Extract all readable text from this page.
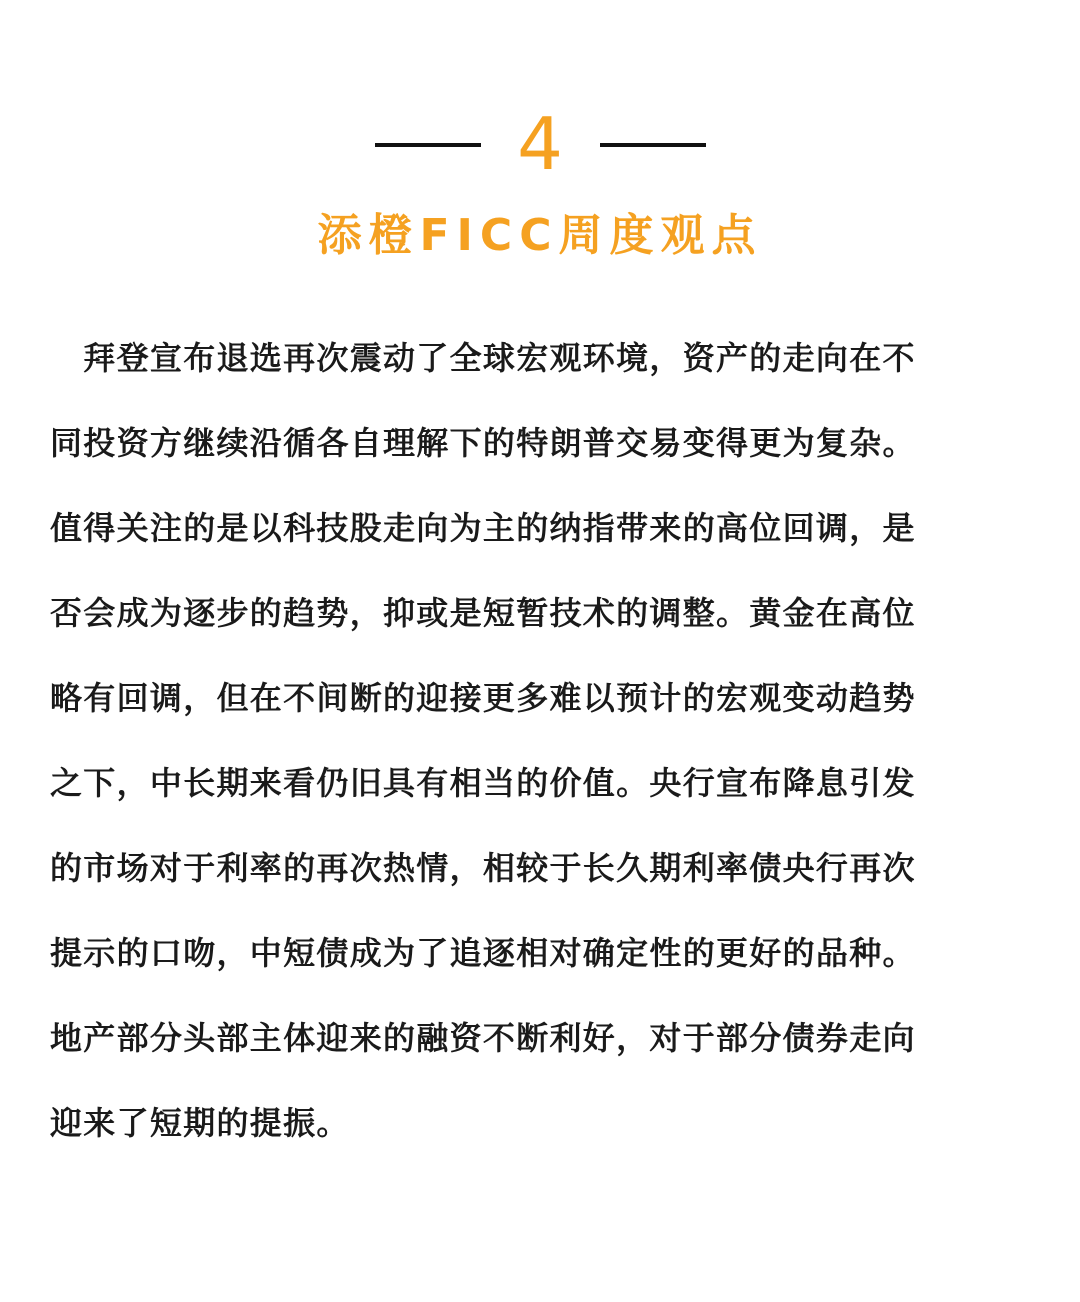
4
添橙FICC周度观点
　拜登宣布退选再次震动了全球宏观环境，资产的走向在不
同投资方继续沿循各自理解下的特朗普交易变得更为复杂。
值得关注的是以科技股走向为主的纳指带来的高位回调，是
否会成为逐步的趋势，抑或是短暂技术的调整。黄金在高位
略有回调，但在不间断的迎接更多难以预计的宏观变动趋势
之下，中长期来看仍旧具有相当的价值。央行宣布降息引发
的市场对于利率的再次热情，相较于长久期利率债央行再次
提示的口吻，中短债成为了追逐相对确定性的更好的品种。
地产部分头部主体迎来的融资不断利好，对于部分债券走向
迎来了短期的提振。
